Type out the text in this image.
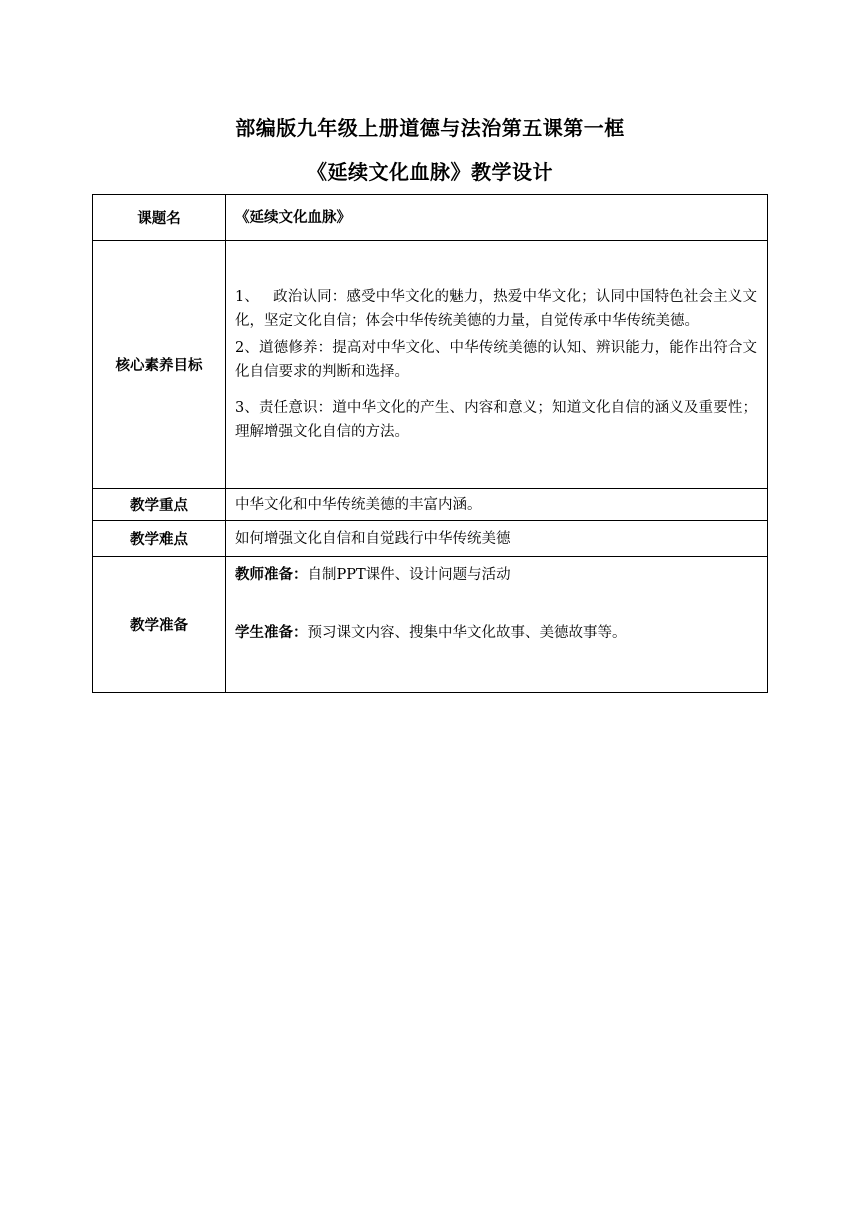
部编版九年级上册道德与法治第五课第一框
《延续文化血脉》教学设计
课题名	《延续文化血脉》
核心素养目标	1、 政治认同：感受中华文化的魅力，热爱中华文化；认同中国特色社会主义文化，坚定文化自信；体会中华传统美德的力量，自觉传承中华传统美德。

2、道德修养：提高对中华文化、中华传统美德的认知、辨识能力，能作出符合文化自信要求的判断和选择。

3、责任意识：道中华文化的产生、内容和意义；知道文化自信的涵义及重要性；理解增强文化自信的方法。

教学重点	中华文化和中华传统美德的丰富内涵。
教学难点	如何增强文化自信和自觉践行中华传统美德
教学准备	教师准备：自制PPT课件、设计问题与活动

学生准备：预习课文内容、搜集中华文化故事、美德故事等。
